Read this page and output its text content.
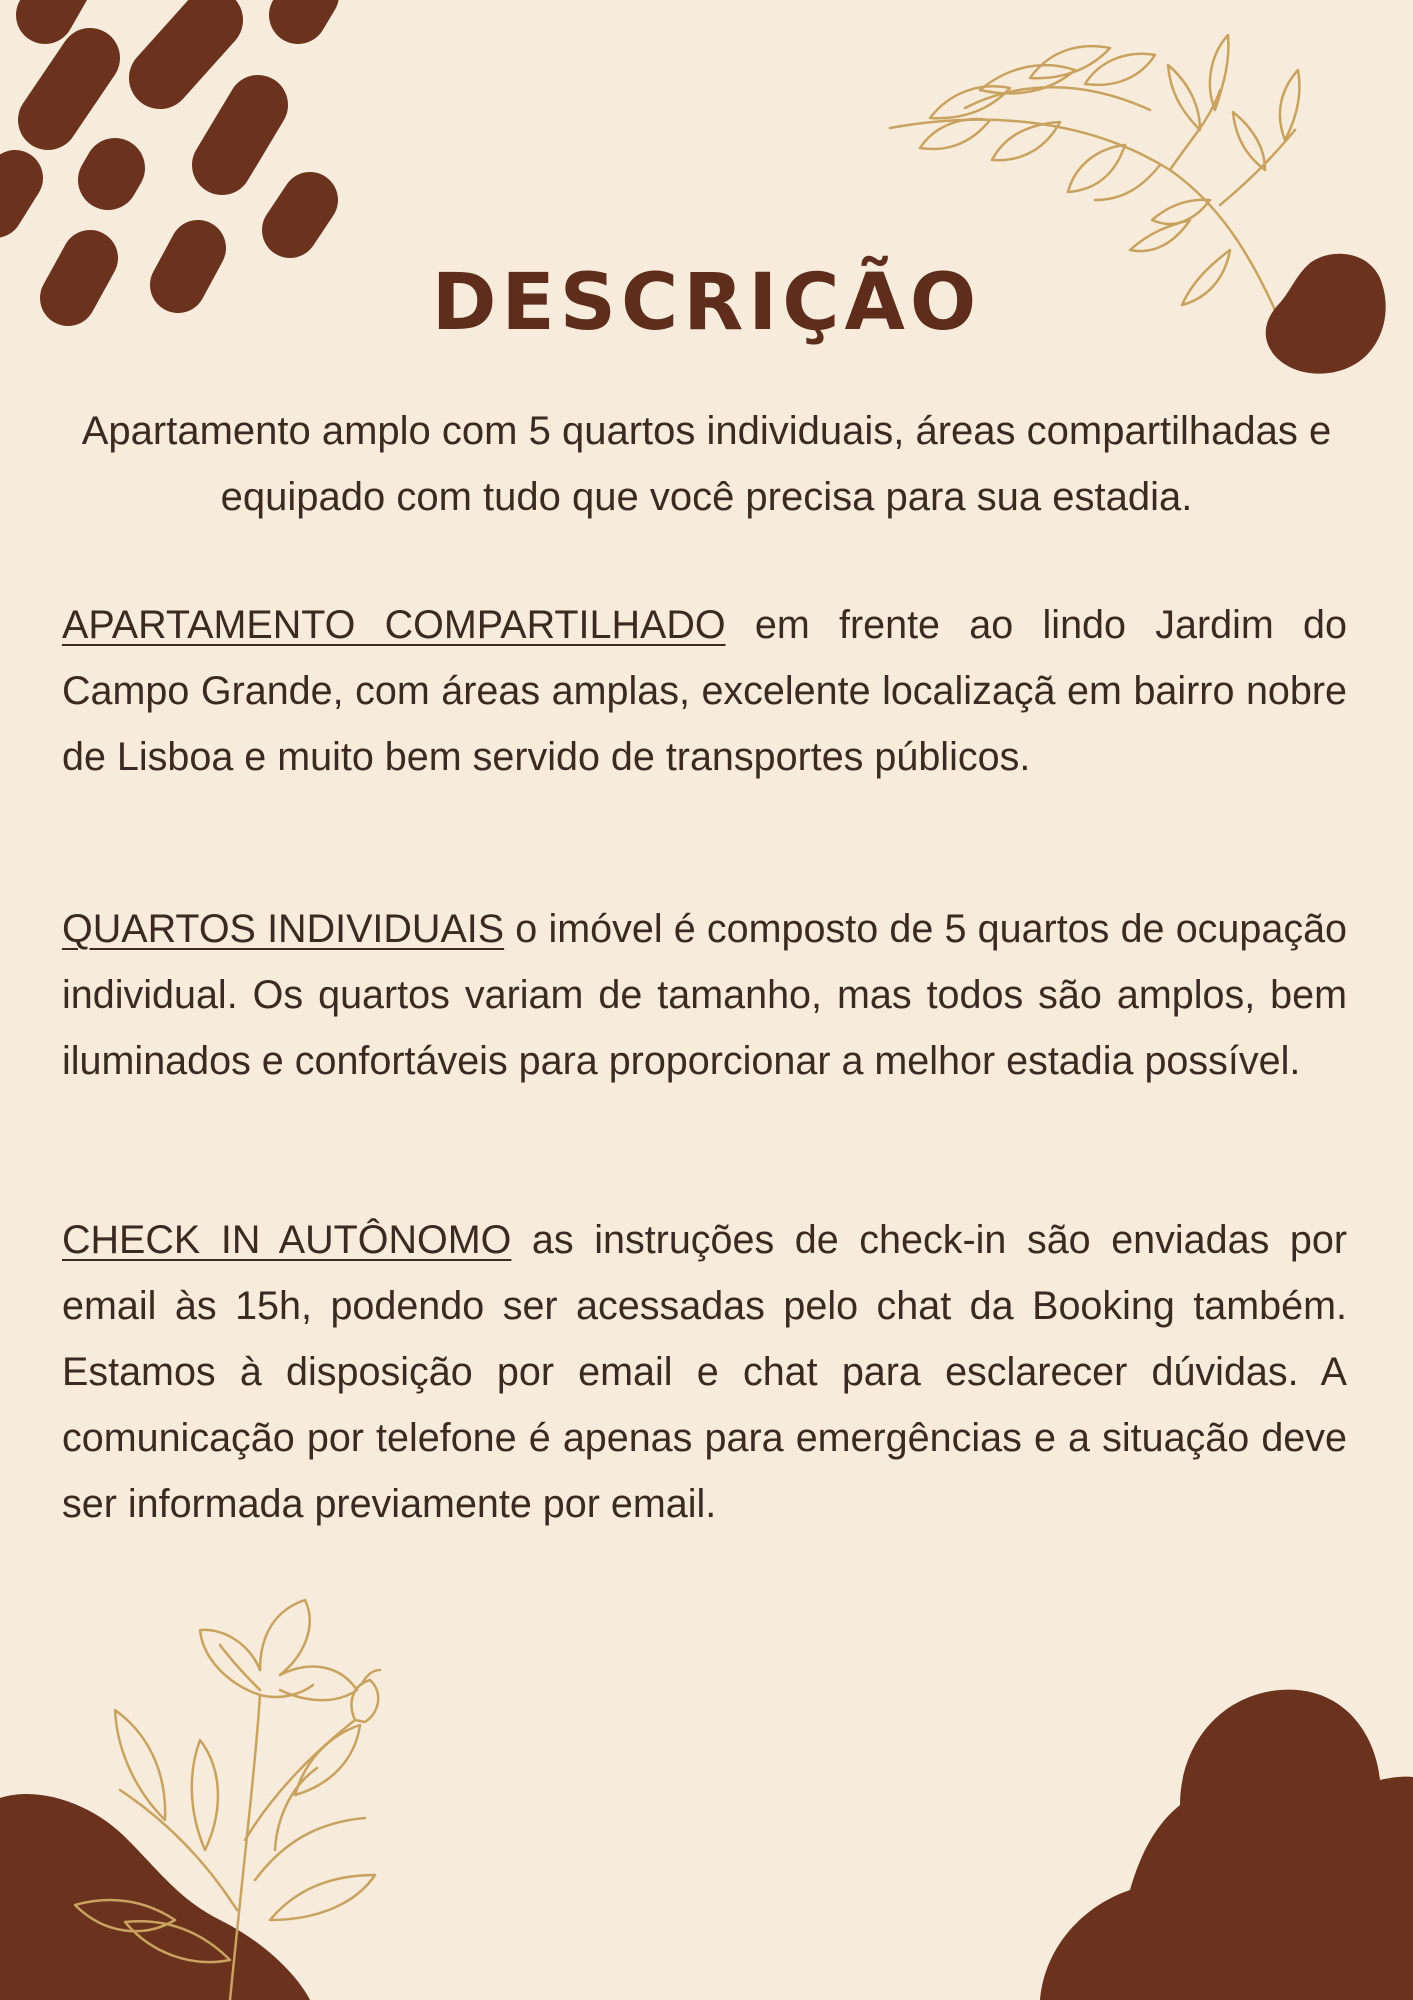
DESCRIÇÃO

Apartamento amplo com 5 quartos individuais, áreas compartilhadas e equipado com tudo que você precisa para sua estadia.

APARTAMENTO COMPARTILHADO em frente ao lindo Jardim do Campo Grande, com áreas amplas, excelente localizaçã em bairro nobre de Lisboa e muito bem servido de transportes públicos.

QUARTOS INDIVIDUAIS o imóvel é composto de 5 quartos de ocupação individual. Os quartos variam de tamanho, mas todos são amplos, bem iluminados e confortáveis para proporcionar a melhor estadia possível.

CHECK IN AUTÔNOMO as instruções de check-in são enviadas por email às 15h, podendo ser acessadas pelo chat da Booking também. Estamos à disposição por email e chat para esclarecer dúvidas. A comunicação por telefone é apenas para emergências e a situação deve ser informada previamente por email.
